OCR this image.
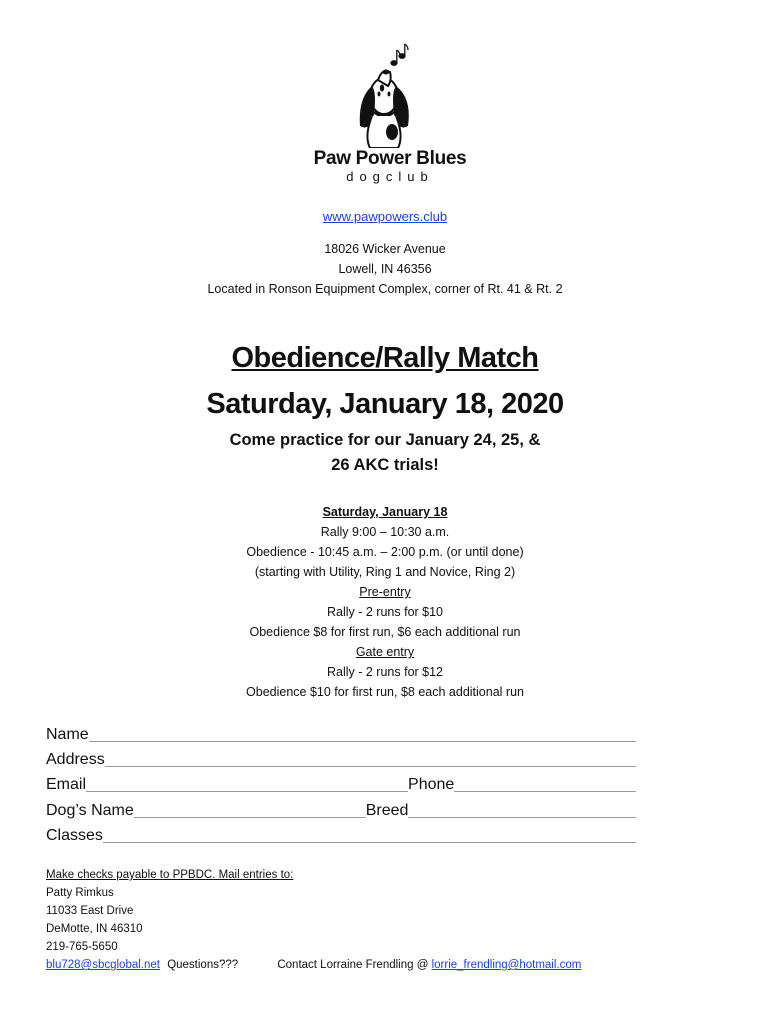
Paw Power Blues
dogclub
www.pawpowers.club
18026 Wicker Avenue
Lowell, IN 46356
Located in Ronson Equipment Complex, corner of Rt. 41 & Rt. 2
Obedience/Rally Match
Saturday, January 18, 2020
Come practice for our January 24, 25, &
26 AKC trials!
Saturday, January 18
Rally 9:00 – 10:30 a.m.
Obedience - 10:45 a.m. – 2:00 p.m. (or until done)
(starting with Utility, Ring 1 and Novice, Ring 2)
Pre-entry
Rally - 2 runs for $10
Obedience $8 for first run, $6 each additional run
Gate entry
Rally - 2 runs for $12
Obedience $10 for first run, $8 each additional run
Name
Address
Email	Phone
Dog’s Name	Breed
Classes
Make checks payable to PPBDC. Mail entries to:
Patty Rimkus
11033 East Drive
DeMotte, IN 46310
219-765-5650
blu728@sbcglobal.net Questions???	Contact Lorraine Frendling @ lorrie_frendling@hotmail.com
